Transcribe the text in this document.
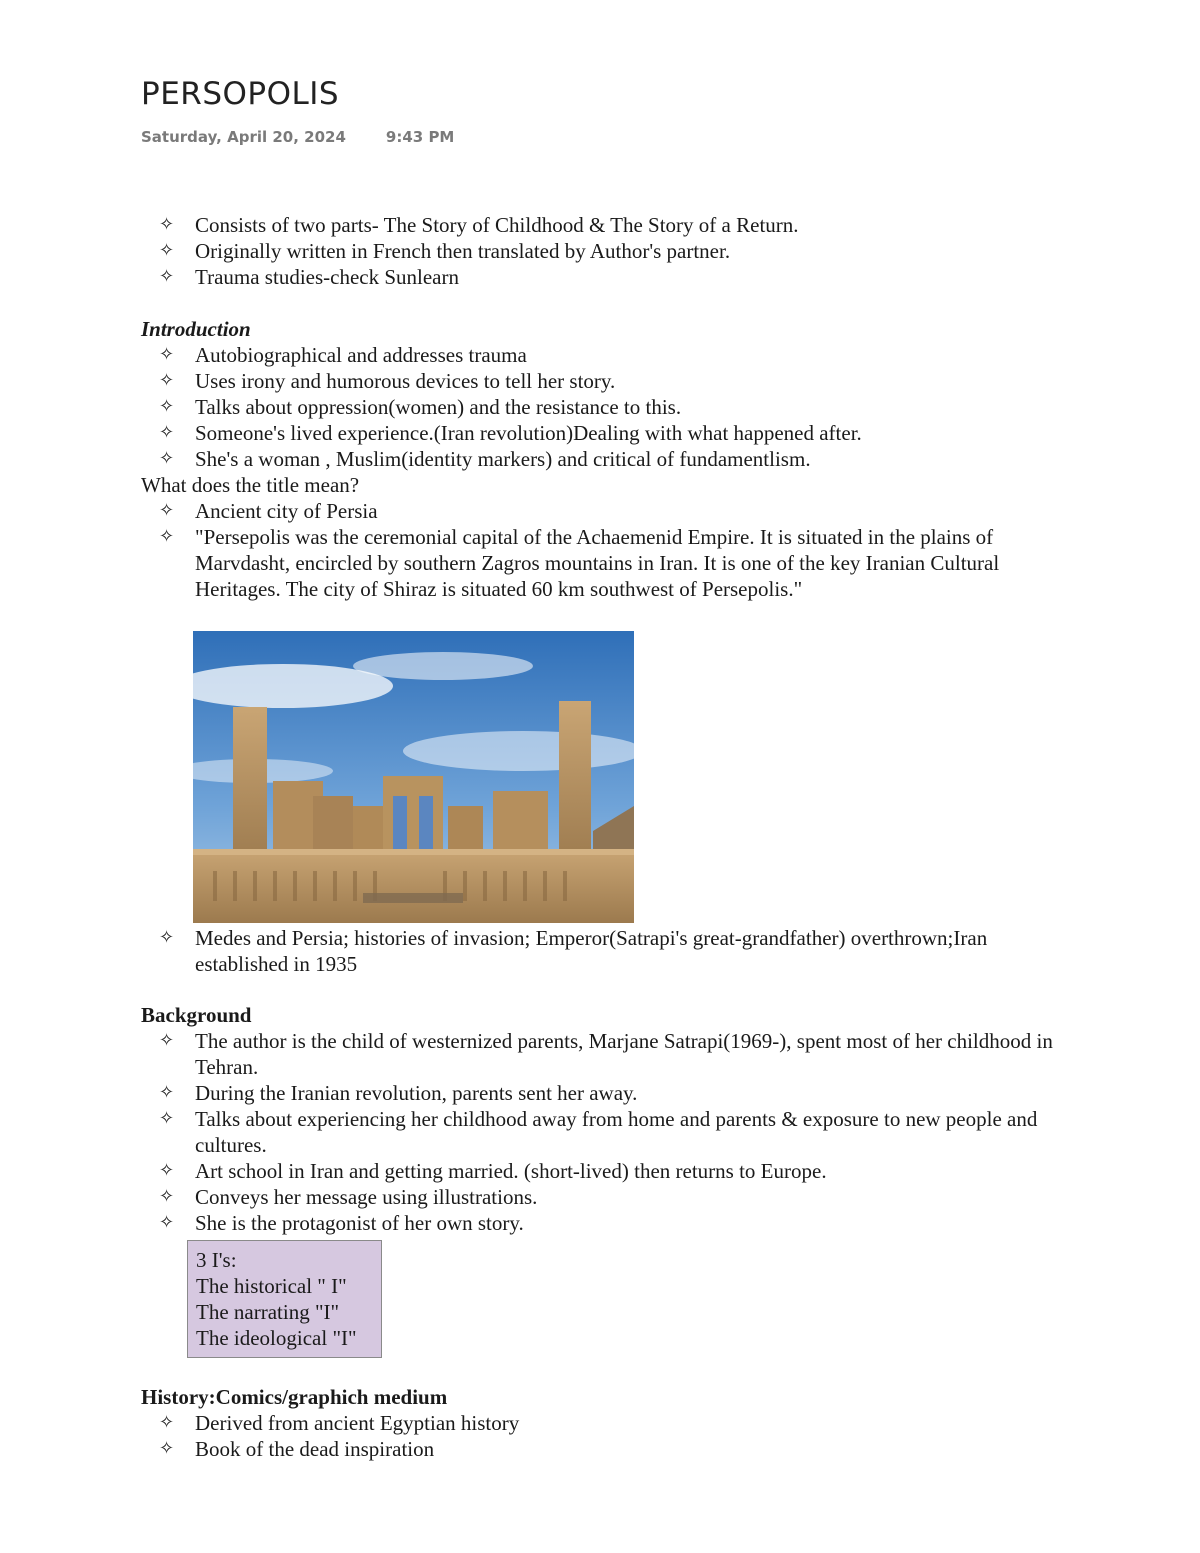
PERSOPOLIS
Saturday, April 20, 2024	9:43 PM
✧ Consists of two parts- The Story of Childhood & The Story of a Return.
✧ Originally written in French then translated by Author's partner.
✧ Trauma studies-check Sunlearn

Introduction

✧ Autobiographical and addresses trauma
✧ Uses irony and humorous devices to tell her story.
✧ Talks about oppression(women) and the resistance to this.
✧ Someone's lived experience.(Iran revolution)Dealing with what happened after.
✧ She's a woman , Muslim(identity markers) and critical of fundamentlism.

What does the title mean?

✧ Ancient city of Persia
✧ "Persepolis was the ceremonial capital of the Achaemenid Empire. It is situated in the plains of Marvdasht, encircled by southern Zagros mountains in Iran. It is one of the key Iranian Cultural Heritages. The city of Shiraz is situated 60 km southwest of Persepolis."
✧ Medes and Persia; histories of invasion; Emperor(Satrapi's great-grandfather) overthrown;Iran established in 1935

Background

✧ The author is the child of westernized parents, Marjane Satrapi(1969-), spent most of her childhood in Tehran.
✧ During the Iranian revolution, parents sent her away.
✧ Talks about experiencing her childhood away from home and parents & exposure to new people and cultures.
✧ Art school in Iran and getting married. (short-lived) then returns to Europe.
✧ Conveys her message using illustrations.
✧ She is the protagonist of her own story.
3 I's:
The historical " I"
The narrating "I"
The ideological "I"

History:Comics/graphich medium

✧ Derived from ancient Egyptian history
✧ Book of the dead inspiration
